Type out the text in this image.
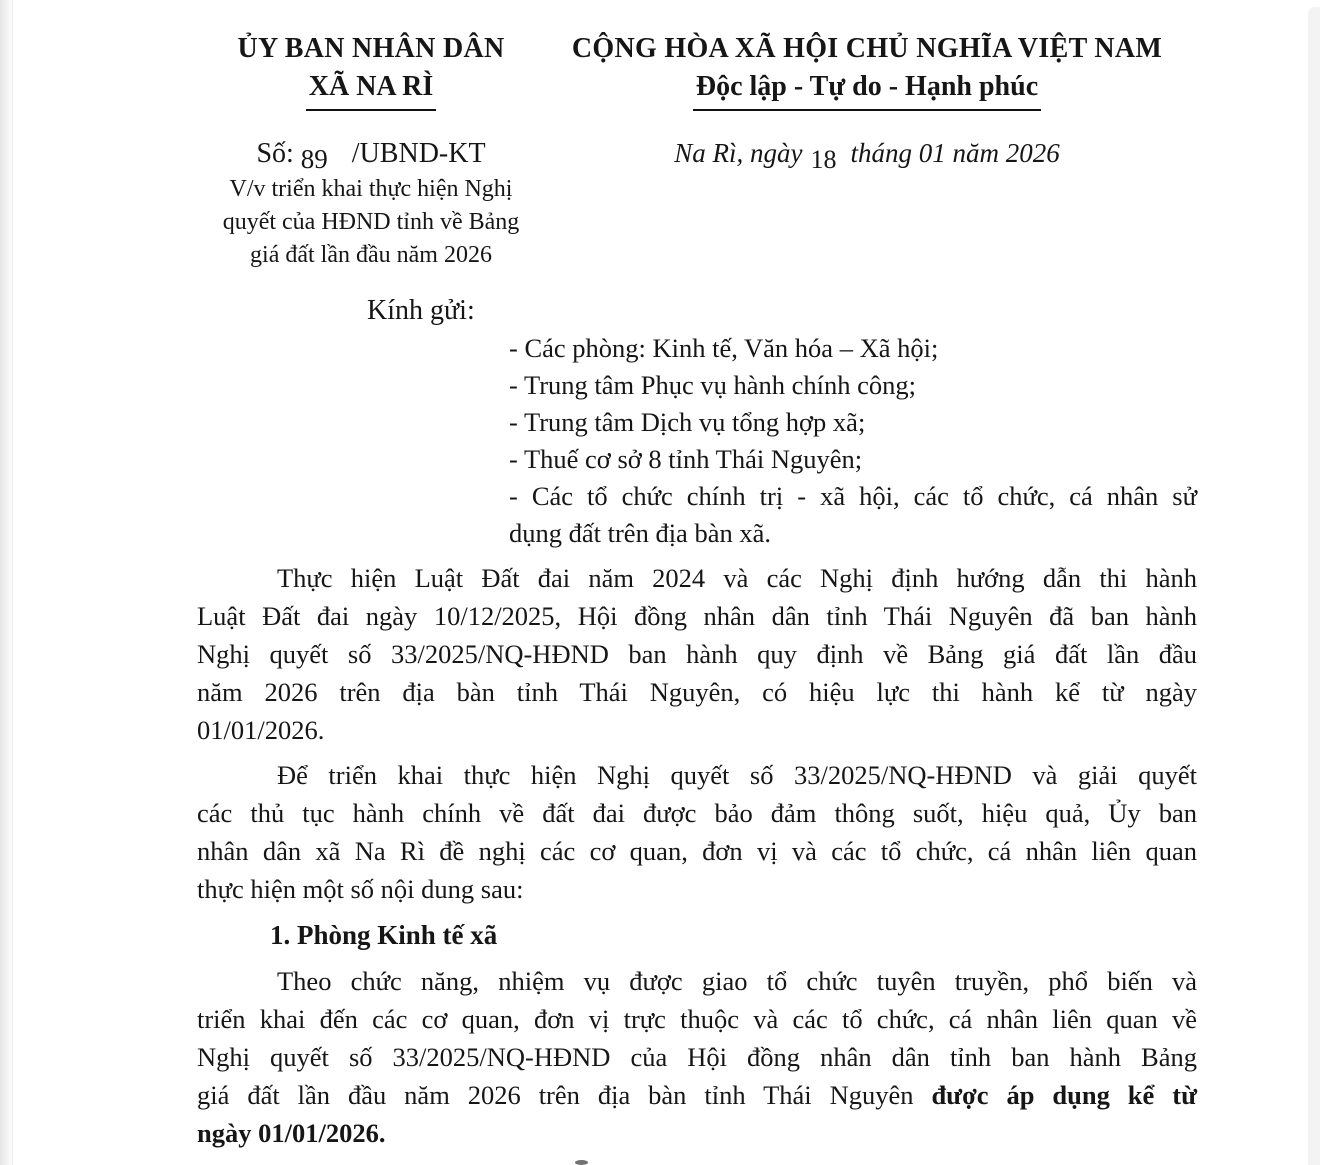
ỦY BAN NHÂN DÂN
XÃ NA RÌ
Số: 89 /UBND-KT
V/v triển khai thực hiện Nghị
quyết của HĐND tỉnh về Bảng
giá đất lần đầu năm 2026
CỘNG HÒA XÃ HỘI CHỦ NGHĨA VIỆT NAM
Độc lập - Tự do - Hạnh phúc
Na Rì, ngày 18 tháng 01 năm 2026
Kính gửi:
- Các phòng: Kinh tế, Văn hóa – Xã hội;
- Trung tâm Phục vụ hành chính công;
- Trung tâm Dịch vụ tổng hợp xã;
- Thuế cơ sở 8 tỉnh Thái Nguyên;
- Các tổ chức chính trị - xã hội, các tổ chức, cá nhân sử
dụng đất trên địa bàn xã.
Thực hiện Luật Đất đai năm 2024 và các Nghị định hướng dẫn thi hành
Luật Đất đai ngày 10/12/2025, Hội đồng nhân dân tỉnh Thái Nguyên đã ban hành
Nghị quyết số 33/2025/NQ-HĐND ban hành quy định về Bảng giá đất lần đầu
năm 2026 trên địa bàn tỉnh Thái Nguyên, có hiệu lực thi hành kể từ ngày
01/01/2026.
Để triển khai thực hiện Nghị quyết số 33/2025/NQ-HĐND và giải quyết
các thủ tục hành chính về đất đai được bảo đảm thông suốt, hiệu quả, Ủy ban
nhân dân xã Na Rì đề nghị các cơ quan, đơn vị và các tổ chức, cá nhân liên quan
thực hiện một số nội dung sau:
1. Phòng Kinh tế xã
Theo chức năng, nhiệm vụ được giao tổ chức tuyên truyền, phổ biến và
triển khai đến các cơ quan, đơn vị trực thuộc và các tổ chức, cá nhân liên quan về
Nghị quyết số 33/2025/NQ-HĐND của Hội đồng nhân dân tỉnh ban hành Bảng
giá đất lần đầu năm 2026 trên địa bàn tỉnh Thái Nguyên được áp dụng kể từ
ngày 01/01/2026.
